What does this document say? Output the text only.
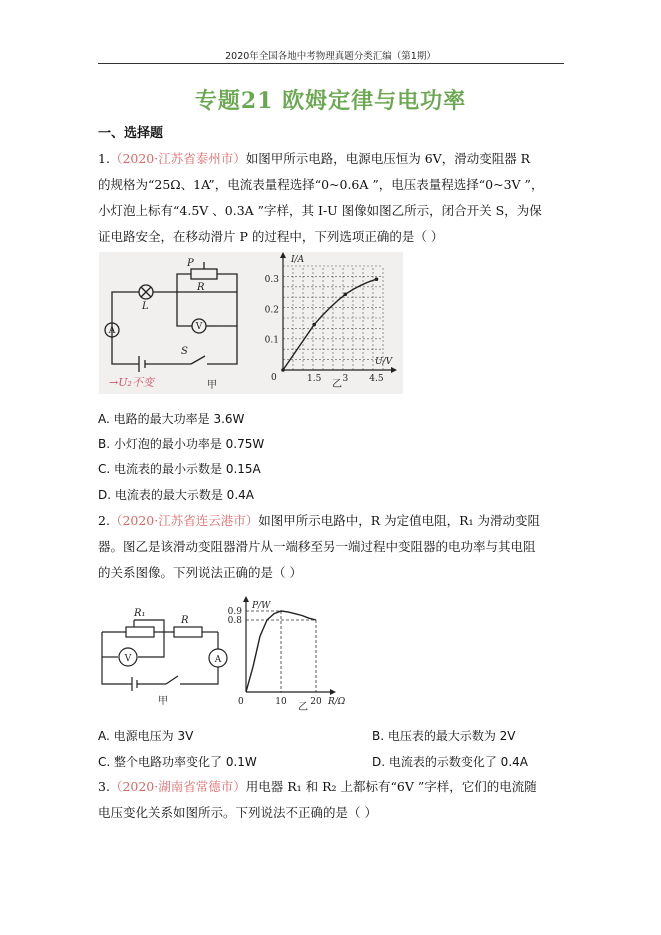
2020年全国各地中考物理真题分类汇编（第1期）
专题21 欧姆定律与电功率
一、选择题
1.（2020·江苏省泰州市）如图甲所示电路，电源电压恒为 6V，滑动变阻器 R
的规格为“25Ω、1A”，电流表量程选择“0~0.6A ”，电压表量程选择“0~3V ”，
小灯泡上标有“4.5V 、0.3A ”字样，其 I-U 图像如图乙所示，闭合开关 S，为保
证电路安全，在移动滑片 P 的过程中，下列选项正确的是（ ）
L
P
R
S
V
A
甲
→U₂不变
I/A
U/V
0	1.5 3 4.5
0.1
0.2
0.3
乙
A. 电路的最大功率是 3.6W
B. 小灯泡的最小功率是 0.75W
C. 电流表的最小示数是 0.15A
D. 电流表的最大示数是 0.4A
2.（2020·江苏省连云港市）如图甲所示电路中，R 为定值电阻，R₁ 为滑动变阻
器。图乙是该滑动变阻器滑片从一端移至另一端过程中变阻器的电功率与其电阻
的关系图像。下列说法正确的是（ ）
R₁
R
V	A
甲
P/W
R/Ω
0	10	20
0.8
0.9
乙
A. 电源电压为 3V	B. 电压表的最大示数为 2V
C. 整个电路功率变化了 0.1W	D. 电流表的示数变化了 0.4A
3.（2020·湖南省常德市）用电器 R₁ 和 R₂ 上都标有“6V ”字样，它们的电流随
电压变化关系如图所示。下列说法不正确的是（ ）
